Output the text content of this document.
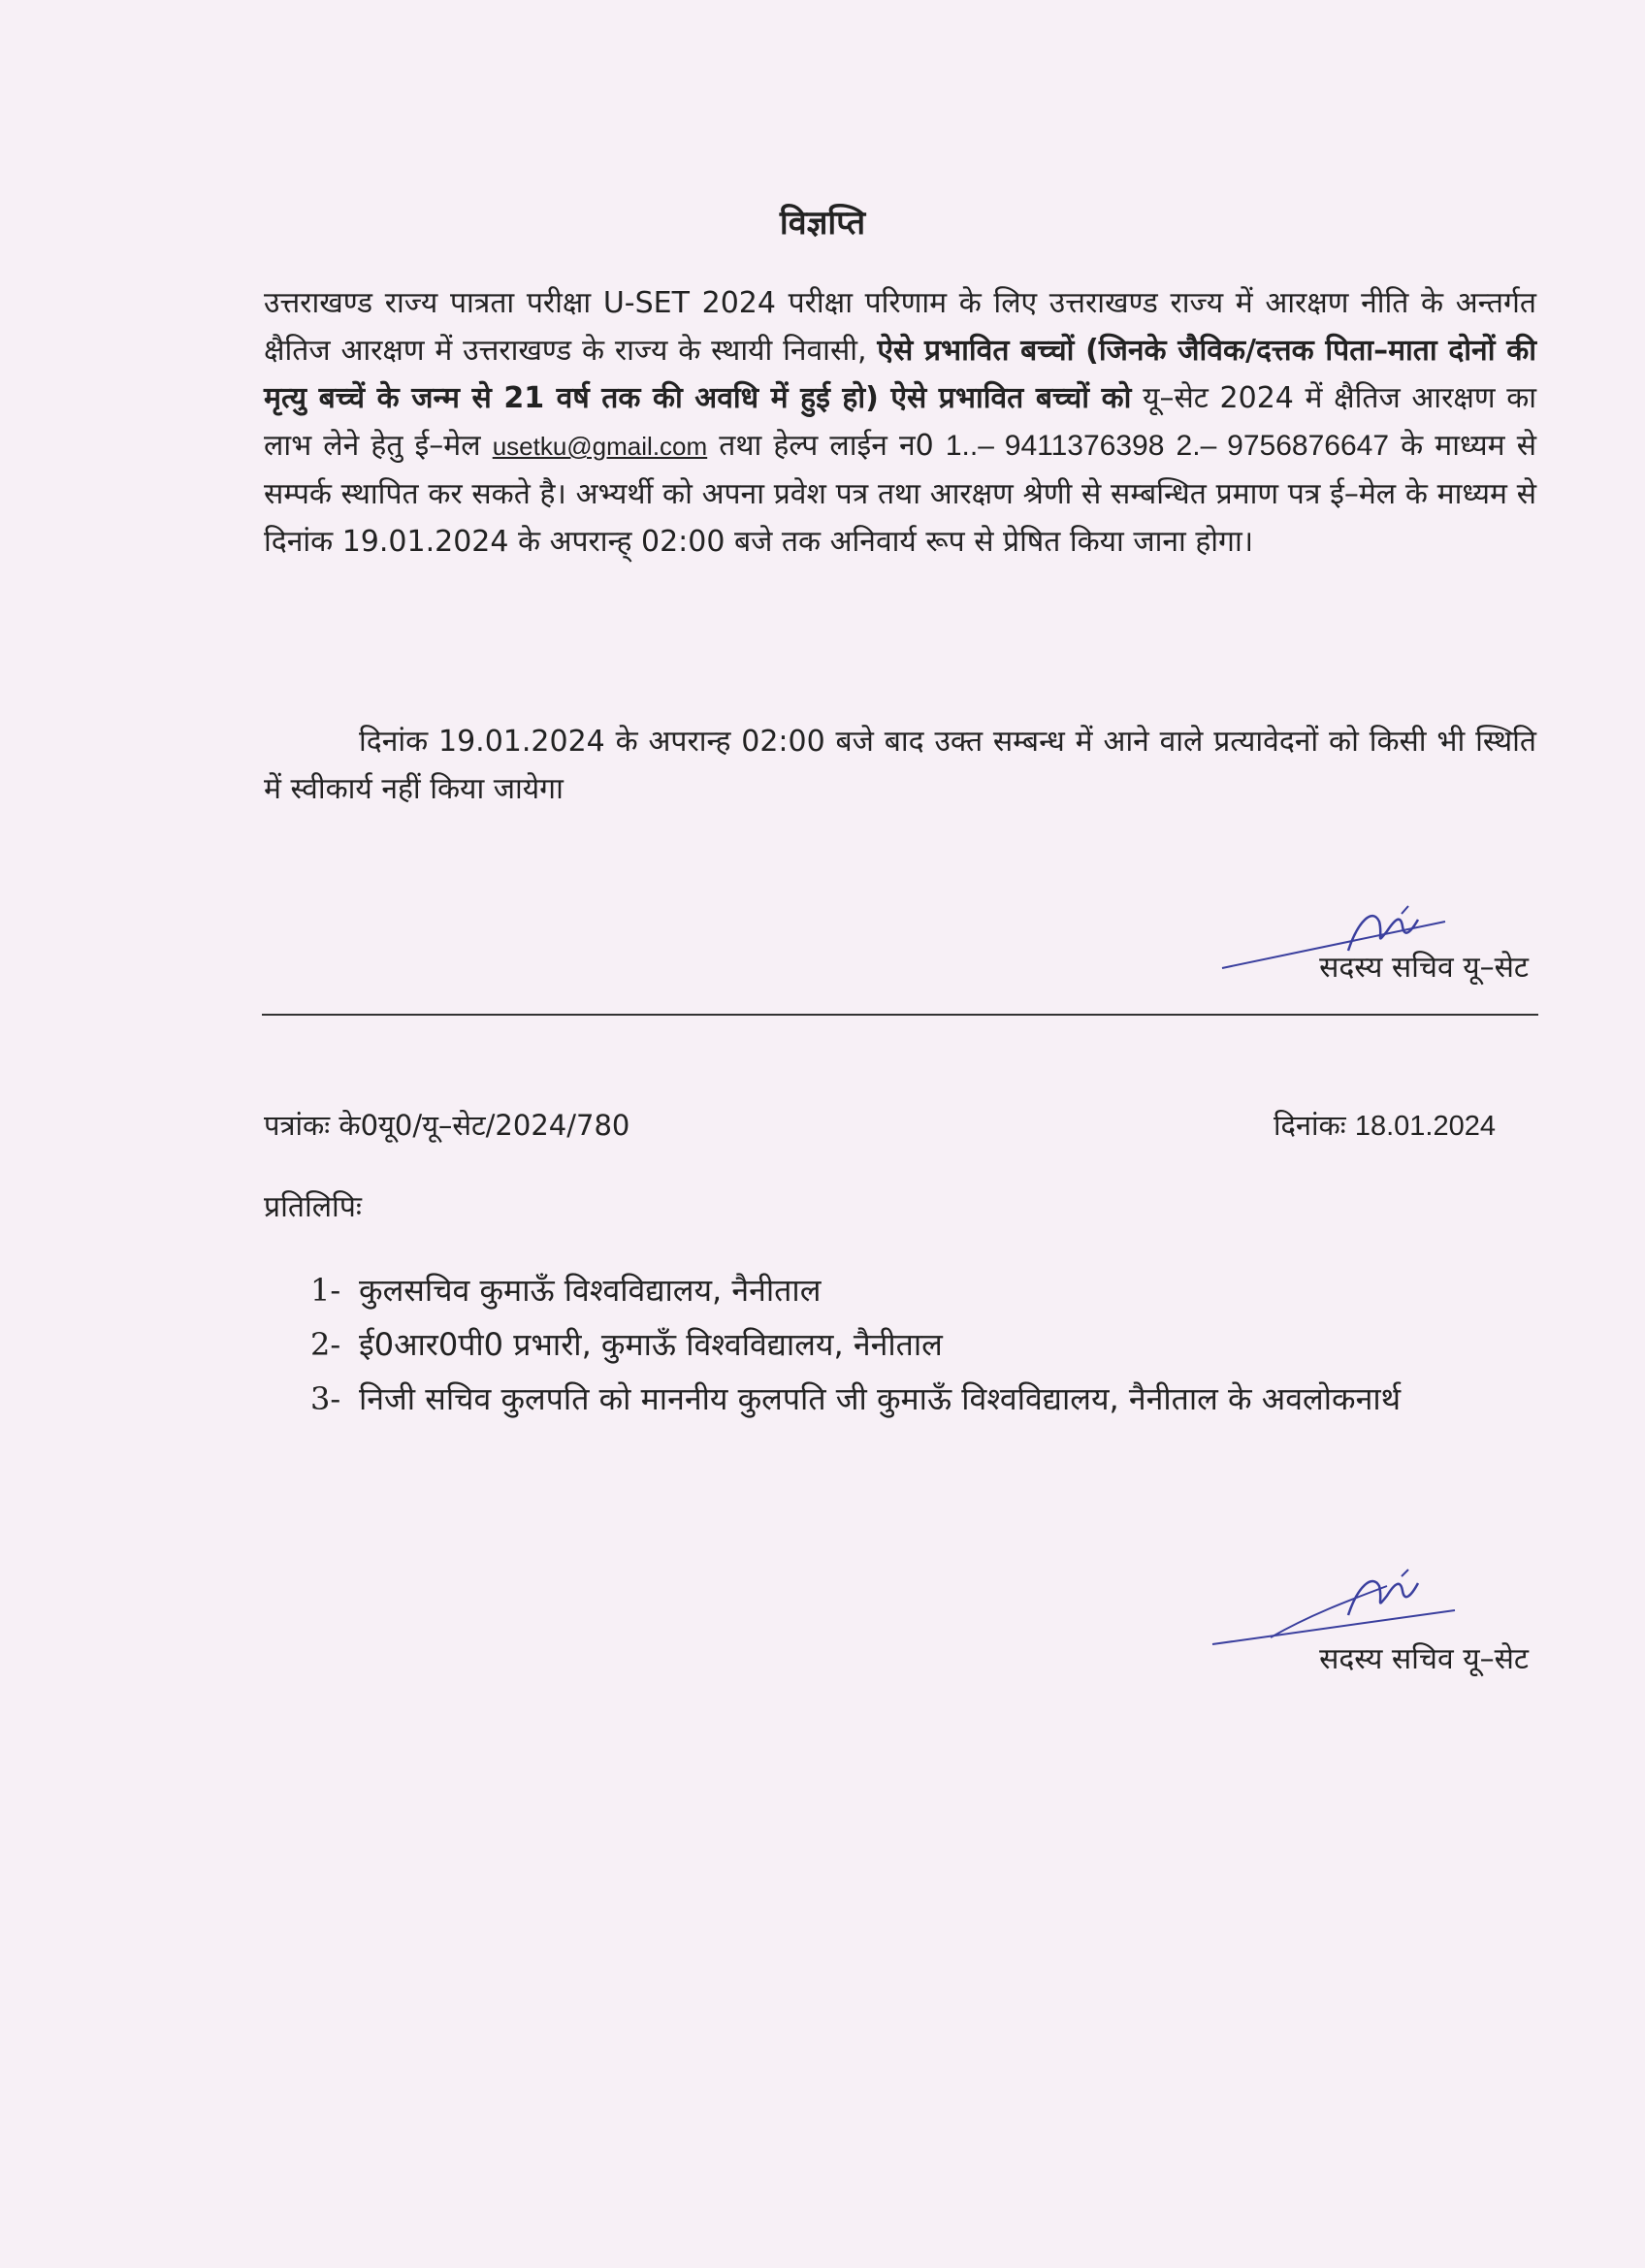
विज्ञप्ति
उत्तराखण्ड राज्य पात्रता परीक्षा U-SET 2024 परीक्षा परिणाम के लिए उत्तराखण्ड राज्य में आरक्षण नीति के अन्तर्गत क्षैतिज आरक्षण में उत्तराखण्ड के राज्य के स्थायी निवासी, ऐसे प्रभावित बच्चों (जिनके जैविक/दत्तक पिता–माता दोनों की मृत्यु बच्चें के जन्म से 21 वर्ष तक की अवधि में हुई हो) ऐसे प्रभावित बच्चों को यू–सेट 2024 में क्षैतिज आरक्षण का लाभ लेने हेतु ई–मेल usetku@gmail.com तथा हेल्प लाईन न0 1..– 9411376398 2.– 9756876647 के माध्यम से सम्पर्क स्थापित कर सकते है। अभ्यर्थी को अपना प्रवेश पत्र तथा आरक्षण श्रेणी से सम्बन्धित प्रमाण पत्र ई–मेल के माध्यम से दिनांक 19.01.2024 के अपरान्ह् 02:00 बजे तक अनिवार्य रूप से प्रेषित किया जाना होगा।
दिनांक 19.01.2024 के अपरान्ह 02:00 बजे बाद उक्त सम्बन्ध में आने वाले प्रत्यावेदनों को किसी भी स्थिति में स्वीकार्य नहीं किया जायेगा
सदस्य सचिव यू–सेट
पत्रांकः के0यू0/यू–सेट/2024/780	दिनांकः 18.01.2024
प्रतिलिपिः
1- कुलसचिव कुमाऊँ विश्वविद्यालय, नैनीताल
2- ई0आर0पी0 प्रभारी, कुमाऊँ विश्वविद्यालय, नैनीताल
3- निजी सचिव कुलपति को माननीय कुलपति जी कुमाऊँ विश्वविद्यालय, नैनीताल के अवलोकनार्थ
सदस्य सचिव यू–सेट
